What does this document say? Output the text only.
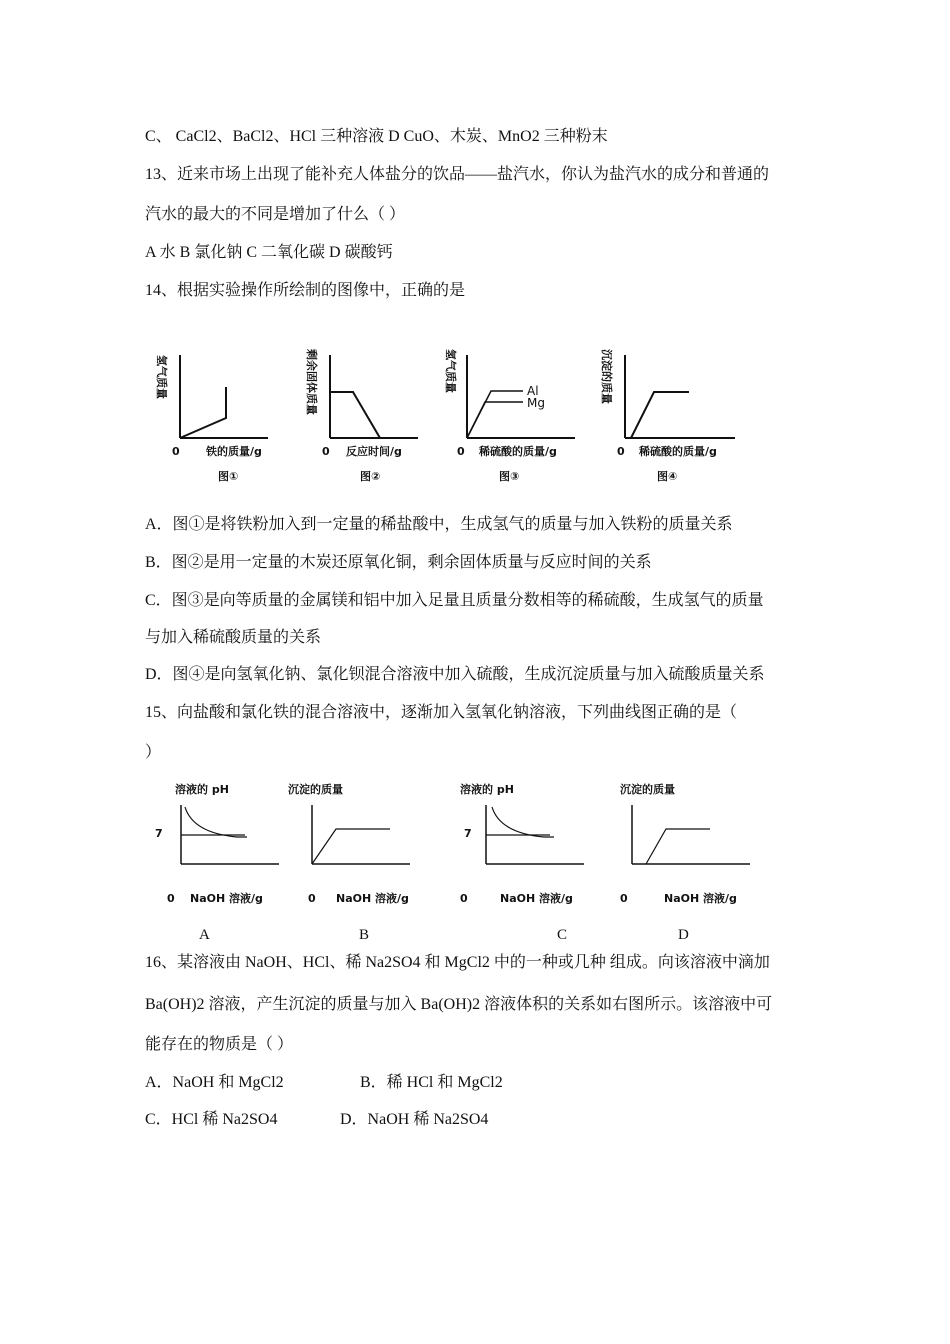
C、 CaCl2、BaCl2、HCl 三种溶液 D CuO、木炭、MnO2 三种粉末
13、近来市场上出现了能补充人体盐分的饮品——盐汽水，你认为盐汽水的成分和普通的
汽水的最大的不同是增加了什么（ ）
A 水 B 氯化钠 C 二氧化碳 D 碳酸钙
14、根据实验操作所绘制的图像中，正确的是
氢气质量
0 铁的质量/g
图①
剩余固体质量
0 反应时间/g
图②
氢气质量	Al
Mg
0 稀硫酸的质量/g
图③
沉淀的质量
0 稀硫酸的质量/g
图④
A．图①是将铁粉加入到一定量的稀盐酸中，生成氢气的质量与加入铁粉的质量关系
B．图②是用一定量的木炭还原氧化铜，剩余固体质量与反应时间的关系
C．图③是向等质量的金属镁和铝中加入足量且质量分数相等的稀硫酸，生成氢气的质量
与加入稀硫酸质量的关系
D．图④是向氢氧化钠、氯化钡混合溶液中加入硫酸，生成沉淀质量与加入硫酸质量关系
15、向盐酸和氯化铁的混合溶液中，逐渐加入氢氧化钠溶液，下列曲线图正确的是（
）
溶液的 pH
7
0 NaOH 溶液/g
沉淀的质量
0 NaOH 溶液/g
溶液的 pH
7
0	NaOH 溶液/g
沉淀的质量
0	NaOH 溶液/g
A	B	C	D
16、某溶液由 NaOH、HCl、稀 Na2SO4 和 MgCl2 中的一种或几种 组成。向该溶液中滴加
Ba(OH)2 溶液，产生沉淀的质量与加入 Ba(OH)2 溶液体积的关系如右图所示。该溶液中可
能存在的物质是（ ）
A．NaOH 和 MgCl2	B．稀 HCl 和 MgCl2
C．HCl 稀 Na2SO4	D．NaOH 稀 Na2SO4
